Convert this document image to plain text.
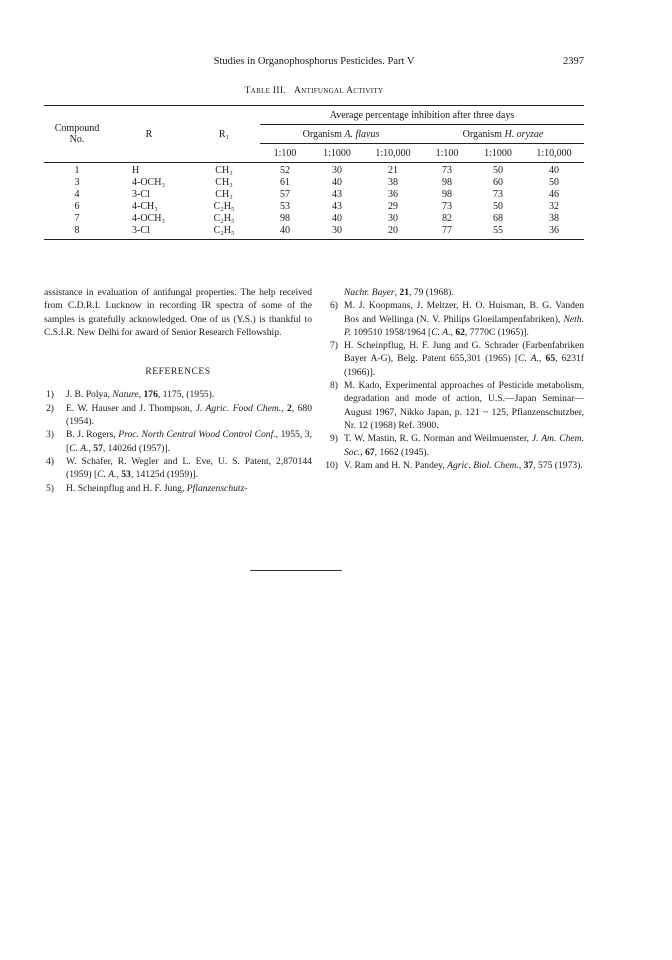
Studies in Organophosphorus Pesticides. Part V	2397
Table III. Antifungal Activity

Compound
No.	R	R₁	Average percentage inhibition after three days					
			Organism A. flavus			Organism H. oryzae		
			1:100	1:1000	1:10,000	1:100	1:1000	1:10,000
1	H	CH₃	52	30	21	73	50	40
3	4-OCH₃	CH₃	61	40	38	98	60	50
4	3-Cl	CH₃	57	43	36	98	73	46
6	4-CH₃	C₂H₅	53	43	29	73	50	32
7	4-OCH₃	C₂H₅	98	40	30	82	68	38
8	3-Cl	C₂H₅	40	30	20	77	55	36
assistance in evaluation of antifungal properties. The help received from C.D.R.I. Lucknow in recording IR spectra of some of the samples is gratefully acknowledged. One of us (Y.S.) is thankful to C.S.I.R. New Delhi for award of Senior Research Fellowship.
REFERENCES
1)	J. B. Polya, Nature, 176, 1175, (1955).
2)	E. W. Hauser and J. Thompson, J. Agric. Food Chem., 2, 680 (1954).
3)	B. J. Rogers, Proc. North Central Wood Control Conf., 1955, 3, [C. A., 57, 14026d (1957)].
4)	W. Schafer, R. Wegler and L. Eve, U. S. Patent, 2,870144 (1959) [C. A., 53, 14125d (1959)].
5)	H. Scheinpflug and H. F. Jung, Pflanzenschutz-
Nachr. Bayer, 21, 79 (1968).
6) M. J. Koopmans, J. Meltzer, H. O. Huisman, B. G. Vanden Bos and Wellinga (N. V. Philips Gloeilampenfabriken), Neth. P. 109510 1958/1964 [C. A., 62, 7770C (1965)].
7) H. Scheinpflug, H. F. Jung and G. Schrader (Farbenfabriken Bayer A-G), Belg. Patent 655,301 (1965) [C. A., 65, 6231f (1966)].
8) M. Kado, Experimental approaches of Pesticide metabolism, degradation and mode of action, U.S.—Japan Seminar—August 1967, Nikko Japan, p. 121 ~ 125, Pflanzenschutzber, Nr. 12 (1968) Ref. 3900.
9) T. W. Mastin, R. G. Norman and Weilmuenster, J. Am. Chem. Soc., 67, 1662 (1945).
10) V. Ram and H. N. Pandey, Agric. Biol. Chem., 37, 575 (1973).
